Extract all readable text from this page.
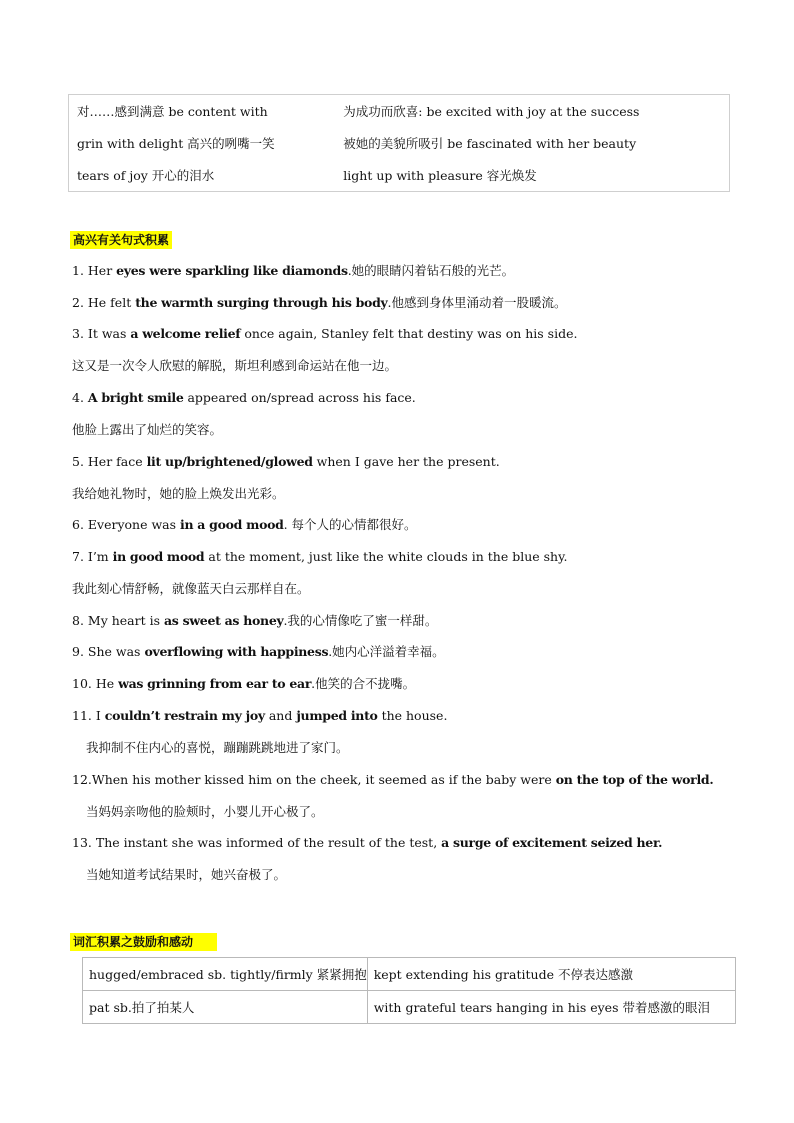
对……感到满意 be content with	为成功而欣喜: be excited with joy at the success
grin with delight 高兴的咧嘴一笑	被她的美貌所吸引 be fascinated with her beauty
tears of joy 开心的泪水	light up with pleasure 容光焕发
高兴有关句式积累
1. Her eyes were sparkling like diamonds.她的眼睛闪着钻石般的光芒。
2. He felt the warmth surging through his body.他感到身体里涌动着一股暖流。
3. It was a welcome relief once again, Stanley felt that destiny was on his side.
这又是一次令人欣慰的解脱，斯坦利感到命运站在他一边。
4. A bright smile appeared on/spread across his face.
他脸上露出了灿烂的笑容。
5. Her face lit up/brightened/glowed when I gave her the present.
我给她礼物时，她的脸上焕发出光彩。
6. Everyone was in a good mood. 每个人的心情都很好。
7. I’m in good mood at the moment, just like the white clouds in the blue shy.
我此刻心情舒畅，就像蓝天白云那样自在。
8. My heart is as sweet as honey.我的心情像吃了蜜一样甜。
9. She was overflowing with happiness.她内心洋溢着幸福。
10. He was grinning from ear to ear.他笑的合不拢嘴。
11. I couldn’t restrain my joy and jumped into the house.
我抑制不住内心的喜悦，蹦蹦跳跳地进了家门。
12.When his mother kissed him on the cheek, it seemed as if the baby were on the top of the world.
当妈妈亲吻他的脸颊时，小婴儿开心极了。
13. The instant she was informed of the result of the test, a surge of excitement seized her.
当她知道考试结果时，她兴奋极了。
词汇积累之鼓励和感动
hugged/embraced sb. tightly/firmly 紧紧拥抱	kept extending his gratitude 不停表达感激
pat sb.拍了拍某人	with grateful tears hanging in his eyes 带着感激的眼泪
